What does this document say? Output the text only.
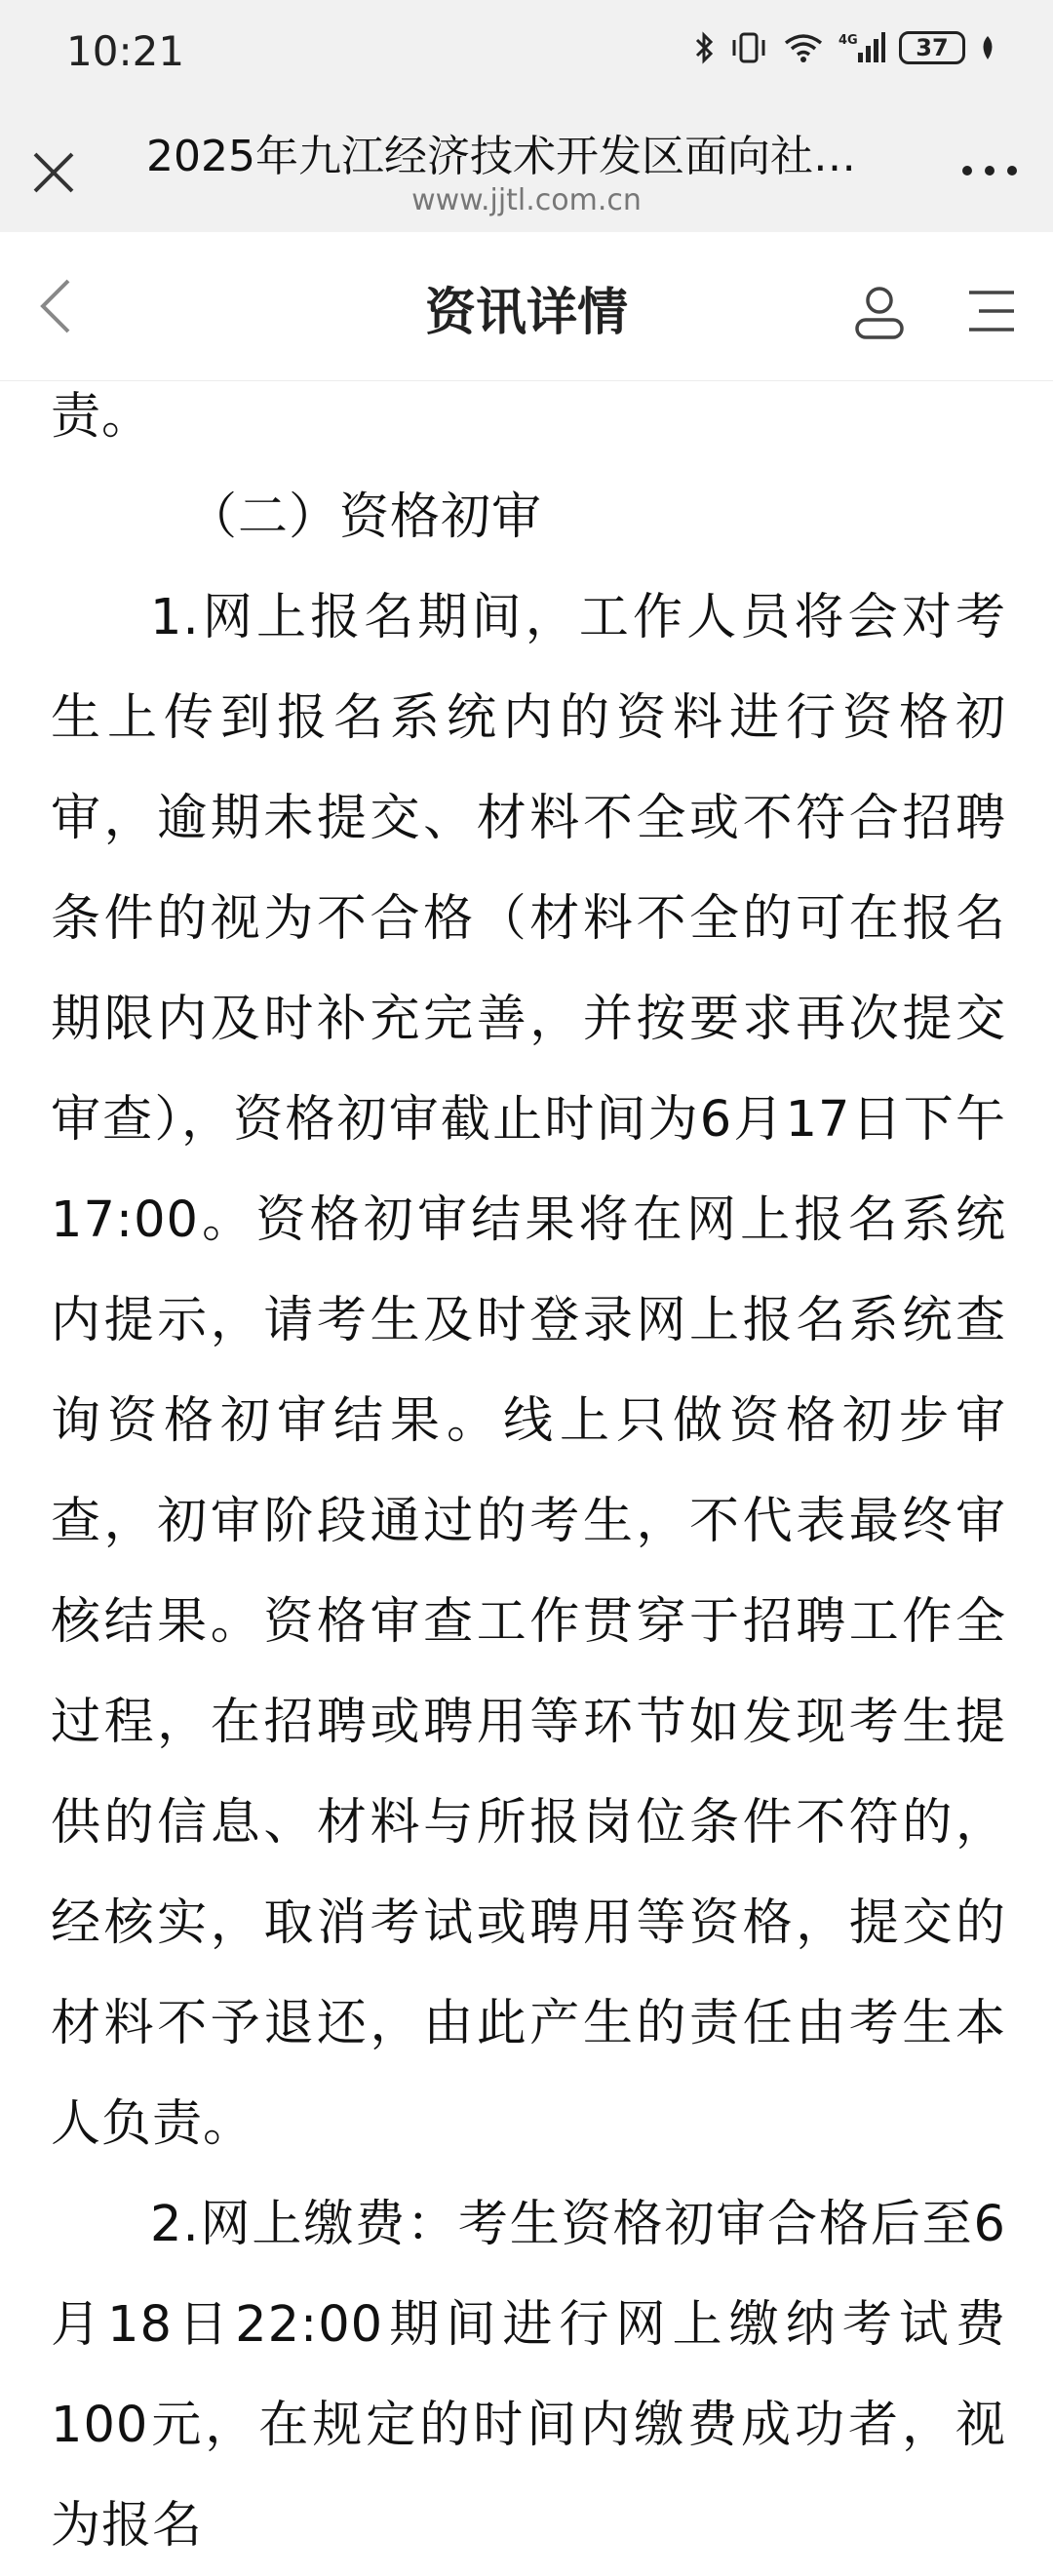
10:21	4G	37
2025年九江经济技术开发区面向社…
www.jjtl.com.cn
资讯详情

责。

（二）资格初审

1.网上报名期间，工作人员将会对考生上传到报名系统内的资料进行资格初审，逾期未提交、材料不全或不符合招聘条件的视为不合格（材料不全的可在报名期限内及时补充完善，并按要求再次提交审查），资格初审截止时间为6月17日下午17:00。资格初审结果将在网上报名系统内提示，请考生及时登录网上报名系统查询资格初审结果。线上只做资格初步审查，初审阶段通过的考生，不代表最终审核结果。资格审查工作贯穿于招聘工作全过程，在招聘或聘用等环节如发现考生提供的信息、材料与所报岗位条件不符的，经核实，取消考试或聘用等资格，提交的材料不予退还，由此产生的责任由考生本人负责。

2.网上缴费：考生资格初审合格后至6月18日22:00期间进行网上缴纳考试费100元，在规定的时间内缴费成功者，视为报名
